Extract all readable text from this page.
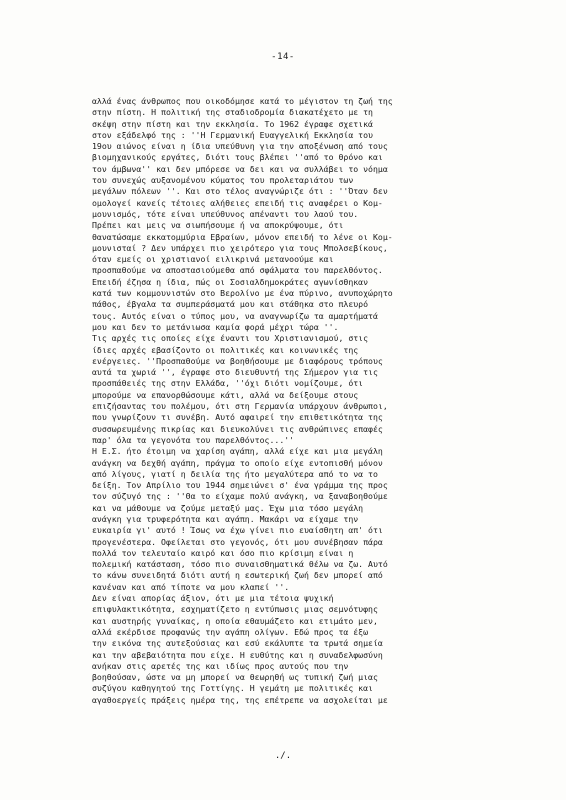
-14-
αλλά ένας άνθρωπος που οικοδόμησε κατά το μέγιστον τη ζωή της
στην πίστη. Η πολιτική της σταδιοδρομία διακατέχετο με τη
σκέψη στην πίστη και την εκκλησία. Το 1962 έγραφε σχετικά
στον εξάδελφό της : ''Η Γερμανική Ευαγγελική Εκκλησία του
19ου αιώνος είναι η ίδια υπεύθυνη για την αποξένωση από τους
βιομηχανικούς εργάτες, διότι τους βλέπει ''από το θρόνο και
τον άμβωνα'' και δεν μπόρεσε να δει και να συλλάβει το νόημα
του συνεχώς αυξανομένου κύματος του προλεταριάτου των
μεγάλων πόλεων ''. Και στο τέλος αναγνώριζε ότι : ''Όταν δεν
ομολογεί κανείς τέτοιες αλήθειες επειδή τις αναφέρει ο Κομ-
μουνισμός, τότε είναι υπεύθυνος απέναντι του λαού του.
Πρέπει και μεις να σιωπήσουμε ή να αποκρύψουμε, ότι
θανατώσαμε εκκατομμύρια Εβραίων, μόνον επειδή το λένε οι Κομ-
μουνισταί ? Δεν υπάρχει πιο χειρότερο για τους Μπολσεβίκους,
όταν εμείς οι χριστιανοί ειλικρινά μετανοούμε και
προσπαθούμε να αποστασιούμεθα από σφάλματα του παρελθόντος.
Επειδή έζησα η ίδια, πώς οι Σοσιαλδημοκράτες αγωνίσθηκαν
κατά των κομμουνιστών στο Βερολίνο με ένα πύρινο, ανυποχώρητο
πάθος, έβγαλα τα συμπεράσματά μου και στάθηκα στο πλευρό
τους. Αυτός είναι ο τύπος μου, να αναγνωρίζω τα αμαρτήματά
μου και δεν το μετάνιωσα καμία φορά μέχρι τώρα ''.
Τις αρχές τις οποίες είχε έναντι του Χριστιανισμού, στις
ίδιες αρχές εβασίζοντο οι πολιτικές και κοινωνικές της
ενέργειες. ''Προσπαθούμε να βοηθήσουμε με διαφόρους τρόπους
αυτά τα χωριά '', έγραφε στο διευθυντή της Σήμερον για τις
προσπάθειές της στην Ελλάδα, ''όχι διότι νομίζουμε, ότι
μπορούμε να επανορθώσουμε κάτι, αλλά να δείξουμε στους
επιζήσαντας του πολέμου, ότι στη Γερμανία υπάρχουν άνθρωποι,
που γνωρίζουν τι συνέβη. Αυτό αφαιρεί την επιθετικότητα της
συσσωρευμένης πικρίας και διευκολύνει τις ανθρώπινες επαφές
παρ' όλα τα γεγονότα του παρελθόντος...''
Η Ε.Σ. ήτο έτοιμη να χαρίση αγάπη, αλλά είχε και μια μεγάλη
ανάγκη να δεχθή αγάπη, πράγμα το οποίο είχε εντοπισθή μόνον
από λίγους, γιατί η δειλία της ήτο μεγαλύτερα από το να το
δείξη. Τον Απρίλιο του 1944 σημειώνει σ' ένα γράμμα της προς
τον σύζυγό της : ''Θα το είχαμε πολύ ανάγκη, να ξαναβοηθούμε
και να μάθουμε να ζούμε μεταξύ μας. Έχω μια τόσο μεγάλη
ανάγκη για τρυφερότητα και αγάπη. Μακάρι να είχαμε την
ευκαιρία γι' αυτό ! Ίσως να έχω γίνει πιο ευαίσθητη απ' ότι
προγενέστερα. Οφείλεται στο γεγονός, ότι μου συνέβησαν πάρα
πολλά τον τελευταίο καιρό και όσο πιο κρίσιμη είναι η
πολεμική κατάσταση, τόσο πιο συναισθηματικά θέλω να ζω. Αυτό
το κάνω συνειδητά διότι αυτή η εσωτερική ζωή δεν μπορεί από
κανέναν και από τίποτε να μου κλαπεί ''.
Δεν είναι απορίας άξιον, ότι με μια τέτοια ψυχική
επιφυλακτικότητα, εσχηματίζετο η εντύπωσις μιας σεμνότυφης
και αυστηρής γυναίκας, η οποία εθαυμάζετο και ετιμάτο μεν,
αλλά εκέρδισε προφανώς την αγάπη ολίγων. Εδώ προς τα έξω
την εικόνα της αυτεξούσιας και εσύ εκάλυπτε τα τρωτά σημεία
και την αβεβαιότητα που είχε. Η ευθύτης και η συναδελφωσύνη
ανήκαν στις αρετές της και ιδίως προς αυτούς που την
βοηθούσαν, ώστε να μη μπορεί να θεωρηθή ως τυπική ζωή μιας
συζύγου καθηγητού της Γοττίγης. Η γεμάτη με πολιτικές και
αγαθοεργείς πράξεις ημέρα της, της επέτρεπε να ασχολείται με
./.
